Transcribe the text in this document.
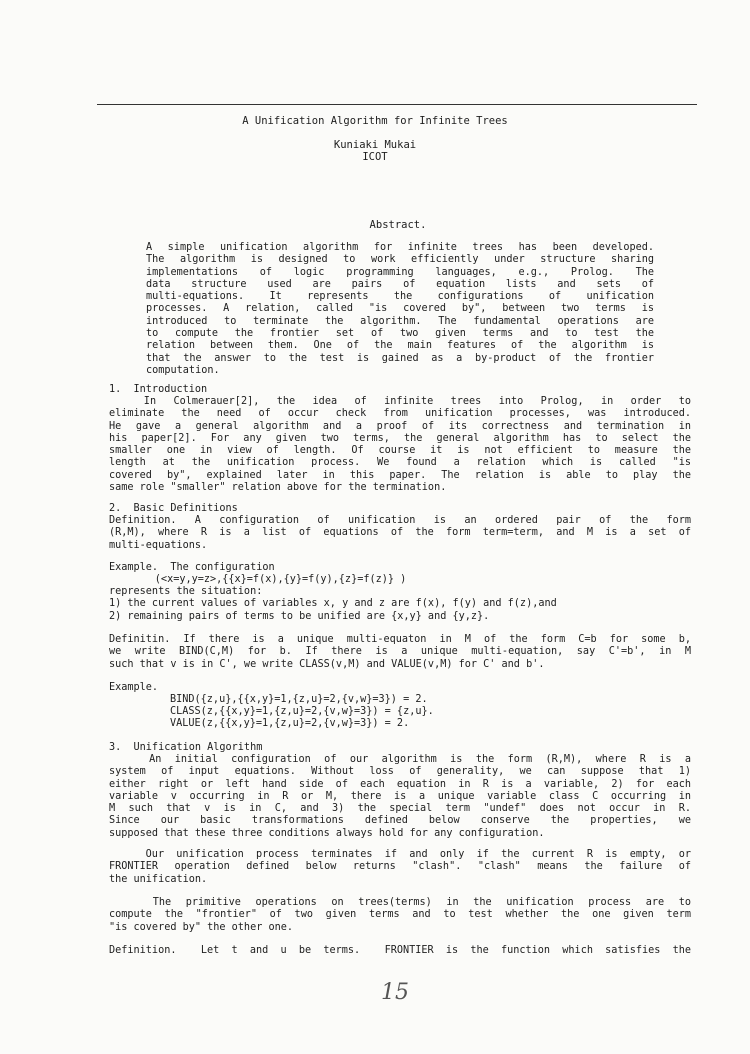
A Unification Algorithm for Infinite Trees
Kuniaki Mukai
ICOT
Abstract.
A simple unification algorithm for infinite trees has been developed.
The algorithm is designed to work efficiently under structure sharing
implementations of logic programming languages, e.g., Prolog. The
data structure used are pairs of equation lists and sets of
multi-equations. It represents the configurations of unification
processes. A relation, called "is covered by", between two terms is
introduced to terminate the algorithm. The fundamental operations are
to compute the frontier set of two given terms and to test the
relation between them. One of the main features of the algorithm is
that the answer to the test is gained as a by-product of the frontier
computation.
1.  Introduction
In Colmerauer[2], the idea of infinite trees into Prolog, in order to
eliminate the need of occur check from unification processes, was introduced.
He gave a general algorithm and a proof of its correctness and termination in
his paper[2]. For any given two terms, the general algorithm has to select the
smaller one in view of length. Of course it is not efficient to measure the
length at the unification process. We found a relation which is called "is
covered by", explained later in this paper. The relation is able to play the
same role "smaller" relation above for the termination.
2.  Basic Definitions
Definition. A configuration of unification is an ordered pair of the form
(R,M), where R is a list of equations of the form term=term, and M is a set of
multi-equations.
Example.  The configuration
(<x=y,y=z>,{{x}=f(x),{y}=f(y),{z}=f(z)} )
represents the situation:
1) the current values of variables x, y and z are f(x), f(y) and f(z),and
2) remaining pairs of terms to be unified are {x,y} and {y,z}.
Definitin. If there is a unique multi-equaton in M of the form C=b for some b,
we write BIND(C,M) for b. If there is a unique multi-equation, say C'=b', in M
such that v is in C', we write CLASS(v,M) and VALUE(v,M) for C' and b'.
Example.
BIND({z,u},{{x,y}=1,{z,u}=2,{v,w}=3}) = 2.
CLASS(z,{{x,y}=1,{z,u}=2,{v,w}=3}) = {z,u}.
VALUE(z,{{x,y}=1,{z,u}=2,{v,w}=3}) = 2.
3.  Unification Algorithm
An initial configuration of our algorithm is the form (R,M), where R is a
system of input equations. Without loss of generality, we can suppose that 1)
either right or left hand side of each equation in R is a variable, 2) for each
variable v occurring in R or M, there is a unique variable class C occurring in
M such that v is in C, and 3) the special term "undef" does not occur in R.
Since our basic transformations defined below conserve the properties, we
supposed that these three conditions always hold for any configuration.
Our unification process terminates if and only if the current R is empty, or
FRONTIER operation defined below returns "clash". "clash" means the failure of
the unification.
The primitive operations on trees(terms) in the unification process are to
compute the "frontier" of two given terms and to test whether the one given term
"is covered by" the other one.
Definition.  Let t and u be terms.  FRONTIER is the function which satisfies the
15
